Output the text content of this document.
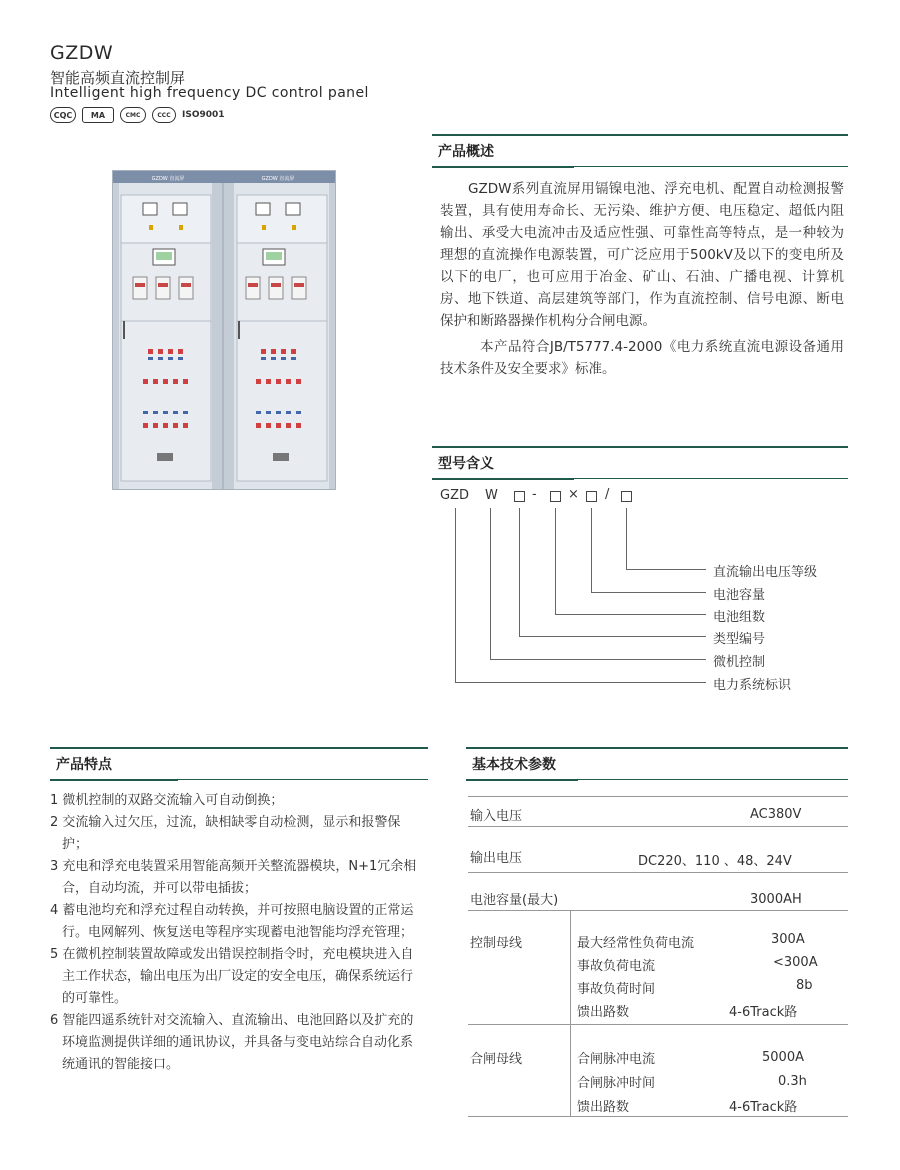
GZDW
智能高频直流控制屏
Intelligent high frequency DC control panel
CQC	MA	CMC	CCC	ISO9001
GZDW 直流屏	GZDW 直流屏
产品概述

GZDW系列直流屏用镉镍电池、浮充电机、配置自动检测报警装置，具有使用寿命长、无污染、维护方便、电压稳定、超低内阻输出、承受大电流冲击及适应性强、可靠性高等特点，是一种较为理想的直流操作电源装置，可广泛应用于500kV及以下的变电所及以下的电厂，也可应用于冶金、矿山、石油、广播电视、计算机房、地下铁道、高层建筑等部门，作为直流控制、信号电源、断电保护和断路器操作机构分合闸电源。

本产品符合JB/T5777.4-2000《电力系统直流电源设备通用技术条件及安全要求》标准。

型号含义
GZD W	- × /
直流输出电压等级
电池容量
电池组数
类型编号
微机控制
电力系统标识
产品特点

1 微机控制的双路交流输入可自动倒换；

2 交流输入过欠压，过流，缺相缺零自动检测，显示和报警保护；

3 充电和浮充电装置采用智能高频开关整流器模块，N+1冗余相合，自动均流，并可以带电插拔；

4 蓄电池均充和浮充过程自动转换，并可按照电脑设置的正常运行。电网解列、恢复送电等程序实现蓄电池智能均浮充管理；

5 在微机控制装置故障或发出错误控制指令时，充电模块进入自主工作状态，输出电压为出厂设定的安全电压，确保系统运行的可靠性。

6 智能四遥系统针对交流输入、直流输出、电池回路以及扩充的环境监测提供详细的通讯协议，并具备与变电站综合自动化系统通讯的智能接口。

基本技术参数
输入电压	AC380V
输出电压	DC220、110 、48、24V
电池容量(最大)	3000AH
控制母线	最大经常性负荷电流	300A
事故负荷电流	<300A
事故负荷时间	8b
馈出路数	4-6Track路
合闸母线	合闸脉冲电流	5000A
合闸脉冲时间	0.3h
馈出路数	4-6Track路
